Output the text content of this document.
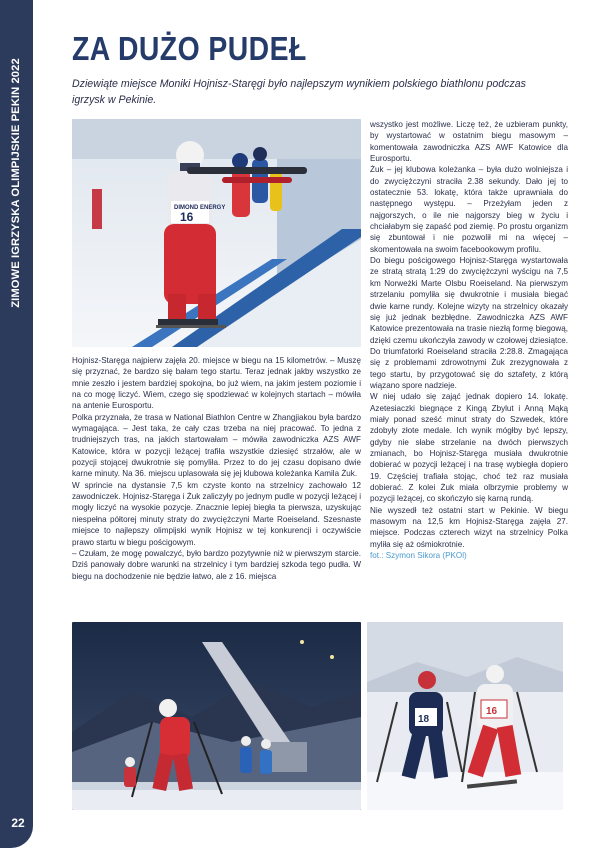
ZIMOWE IGRZYSKA OLIMPIJSKIE PEKIN 2022
22
ZA DUŻO PUDEŁ

Dziewiąte miejsce Moniki Hojnisz-Staręgi było najlepszym wynikiem polskiego biathlonu podczas igrzysk w Pekinie.

DIMOND ENERGY
16

Hojnisz-Staręga najpierw zajęła 20. miejsce w biegu na 15 kilometrów. – Muszę się przyznać, że bardzo się bałam tego startu. Teraz jednak jakby wszystko ze mnie zeszło i jestem bardziej spokojna, bo już wiem, na jakim jestem poziomie i na co mogę liczyć. Wiem, czego się spodziewać w kolejnych startach – mówiła na antenie Eurosportu.

Polka przyznała, że trasa w National Biathlon Centre w Zhangjiakou była bardzo wymagająca. – Jest taka, że cały czas trzeba na niej pracować. To jedna z trudniejszych tras, na jakich startowałam – mówiła zawodniczka AZS AWF Katowice, która w pozycji leżącej trafiła wszystkie dziesięć strzałów, ale w pozycji stojącej dwukrotnie się pomyliła. Przez to do jej czasu dopisano dwie karne minuty. Na 36. miejscu uplasowała się jej klubowa koleżanka Kamila Żuk.

W sprincie na dystansie 7,5 km czyste konto na strzelnicy zachowało 12 zawodniczek. Hojnisz-Staręga i Żuk zaliczyły po jednym pudle w pozycji leżącej i mogły liczyć na wysokie pozycje. Znacznie lepiej biegła ta pierwsza, uzyskując niespełna półtorej minuty straty do zwyciężczyni Marte Roeiseland. Szesnaste miejsce to najlepszy olimpijski wynik Hojnisz w tej konkurencji i oczywiście prawo startu w biegu pościgowym.

– Czułam, że mogę powalczyć, było bardzo pozytywnie niż w pierwszym starcie. Dziś panowały dobre warunki na strzelnicy i tym bardziej szkoda tego pudła. W biegu na dochodzenie nie będzie łatwo, ale z 16. miejsca

wszystko jest możliwe. Liczę też, że uzbieram punkty, by wystartować w ostatnim biegu masowym – komentowała zawodniczka AZS AWF Katowice dla Eurosportu.

Żuk – jej klubowa koleżanka – była dużo wolniejsza i do zwyciężczyni straciła 2.38 sekundy. Dało jej to ostatecznie 53. lokatę, która także uprawniała do następnego występu. – Przeżyłam jeden z najgorszych, o ile nie najgorszy bieg w życiu i chciałabym się zapaść pod ziemię. Po prostu organizm się zbuntował i nie pozwolił mi na więcej – skomentowała na swoim facebookowym profilu.

Do biegu pościgowego Hojnisz-Staręga wystartowała ze stratą stratą 1:29 do zwyciężczyni wyścigu na 7,5 km Norweżki Marte Olsbu Roeiseland. Na pierwszym strzelaniu pomyliła się dwukrotnie i musiała biegać dwie karne rundy. Kolejne wizyty na strzelnicy okazały się już jednak bezbłędne. Zawodniczka AZS AWF Katowice prezentowała na trasie niezłą formę biegową, dzięki czemu ukończyła zawody w czołowej dziesiątce. Do triumfatorki Roeiseland straciła 2:28.8. Zmagająca się z problemami zdrowotnymi Żuk zrezygnowała z tego startu, by przygotować się do sztafety, z którą wiązano spore nadzieje.

W niej udało się zająć jednak dopiero 14. lokatę. Azetesiaczki biegnące z Kingą Zbylut i Anną Mąką miały ponad sześć minut straty do Szwedek, które zdobyły złote medale. Ich wynik mógłby być lepszy, gdyby nie słabe strzelanie na dwóch pierwszych zmianach, bo Hojnisz-Staręga musiała dwukrotnie dobierać w pozycji leżącej i na trasę wybiegła dopiero 19. Częściej trafiała stojąc, choć też raz musiała dobierać. Z kolei Żuk miała olbrzymie problemy w pozycji leżącej, co skończyło się karną rundą.

Nie wyszedł też ostatni start w Pekinie. W biegu masowym na 12,5 km Hojnisz-Staręga zajęła 27. miejsce. Podczas czterech wizyt na strzelnicy Polka myliła się aż ośmiokrotnie.

fot.: Szymon Sikora (PKOl)

18
16
